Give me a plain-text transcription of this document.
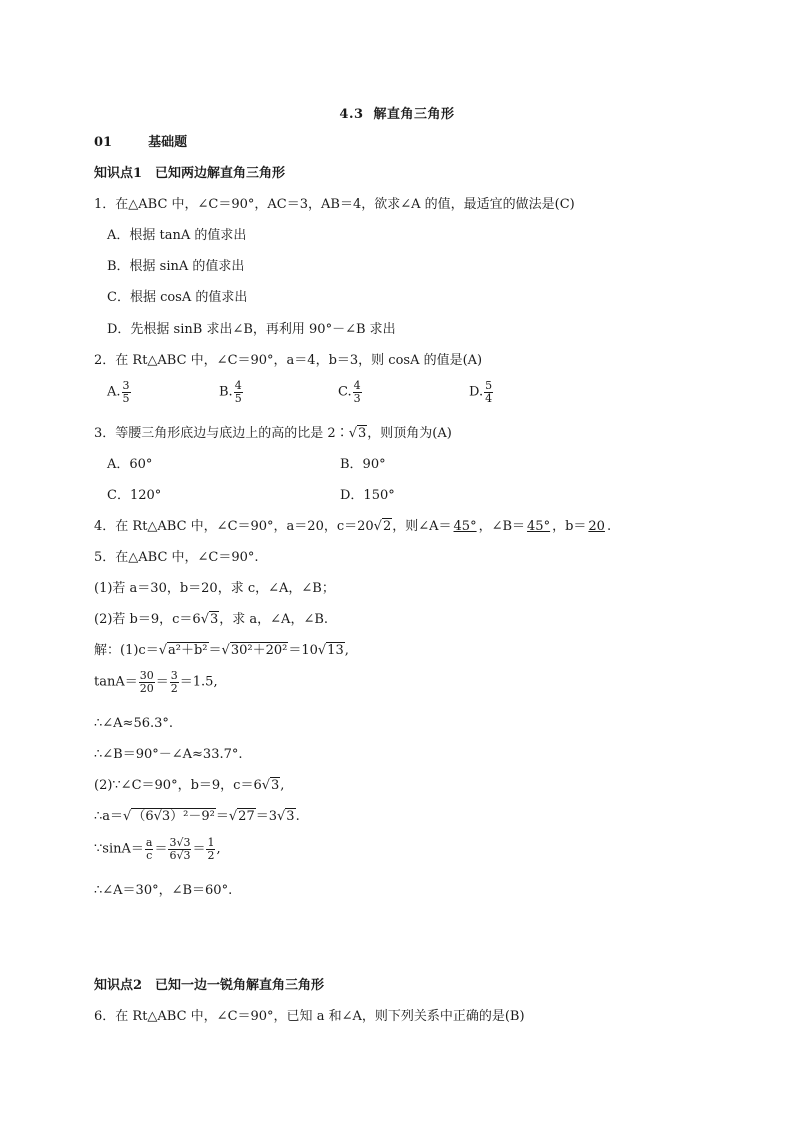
4.3 解直角三角形
01	基础题
知识点1　已知两边解直角三角形
1．在△ABC 中，∠C＝90°，AC＝3，AB＝4，欲求∠A 的值，最适宜的做法是(C)
A．根据 tanA 的值求出
B．根据 sinA 的值求出
C．根据 cosA 的值求出
D．先根据 sinB 求出∠B，再利用 90°－∠B 求出
2．在 Rt△ABC 中，∠C＝90°，a＝4，b＝3，则 cosA 的值是(A)
A. $\frac{3}{5}$	B. $\frac{4}{5}$	C. $\frac{4}{3}$	D. $\frac{5}{4}$
3．等腰三角形底边与底边上的高的比是 2∶√3，则顶角为(A)
A．60°	B．90°
C．120°	D．150°
4．在 Rt△ABC 中，∠C＝90°，a＝20，c＝20√2，则∠A＝ 45° ，∠B＝ 45° ，b＝ 20 .
5．在△ABC 中，∠C＝90°.
(1)若 a＝30，b＝20，求 c，∠A，∠B；
(2)若 b＝9，c＝6√3，求 a，∠A，∠B.
解：(1)c＝√a²＋b²＝√30²＋20²＝10√13,
$\tan A= \frac{30}{20} = \frac{3}{2} =1.5$,
∴∠A≈56.3°.
∴∠B＝90°－∠A≈33.7°.
(2)∵∠C＝90°，b＝9，c＝6√3,
∴a＝√（6√3）²－9²＝√27＝3√3.
∵sinA＝ $\frac{a}{c} = \frac{3√3}{6√3} = \frac{1}{2}$ ,
∴∠A＝30°，∠B＝60°.
知识点2　已知一边一锐角解直角三角形
6．在 Rt△ABC 中，∠C＝90°，已知 a 和∠A，则下列关系中正确的是(B)
